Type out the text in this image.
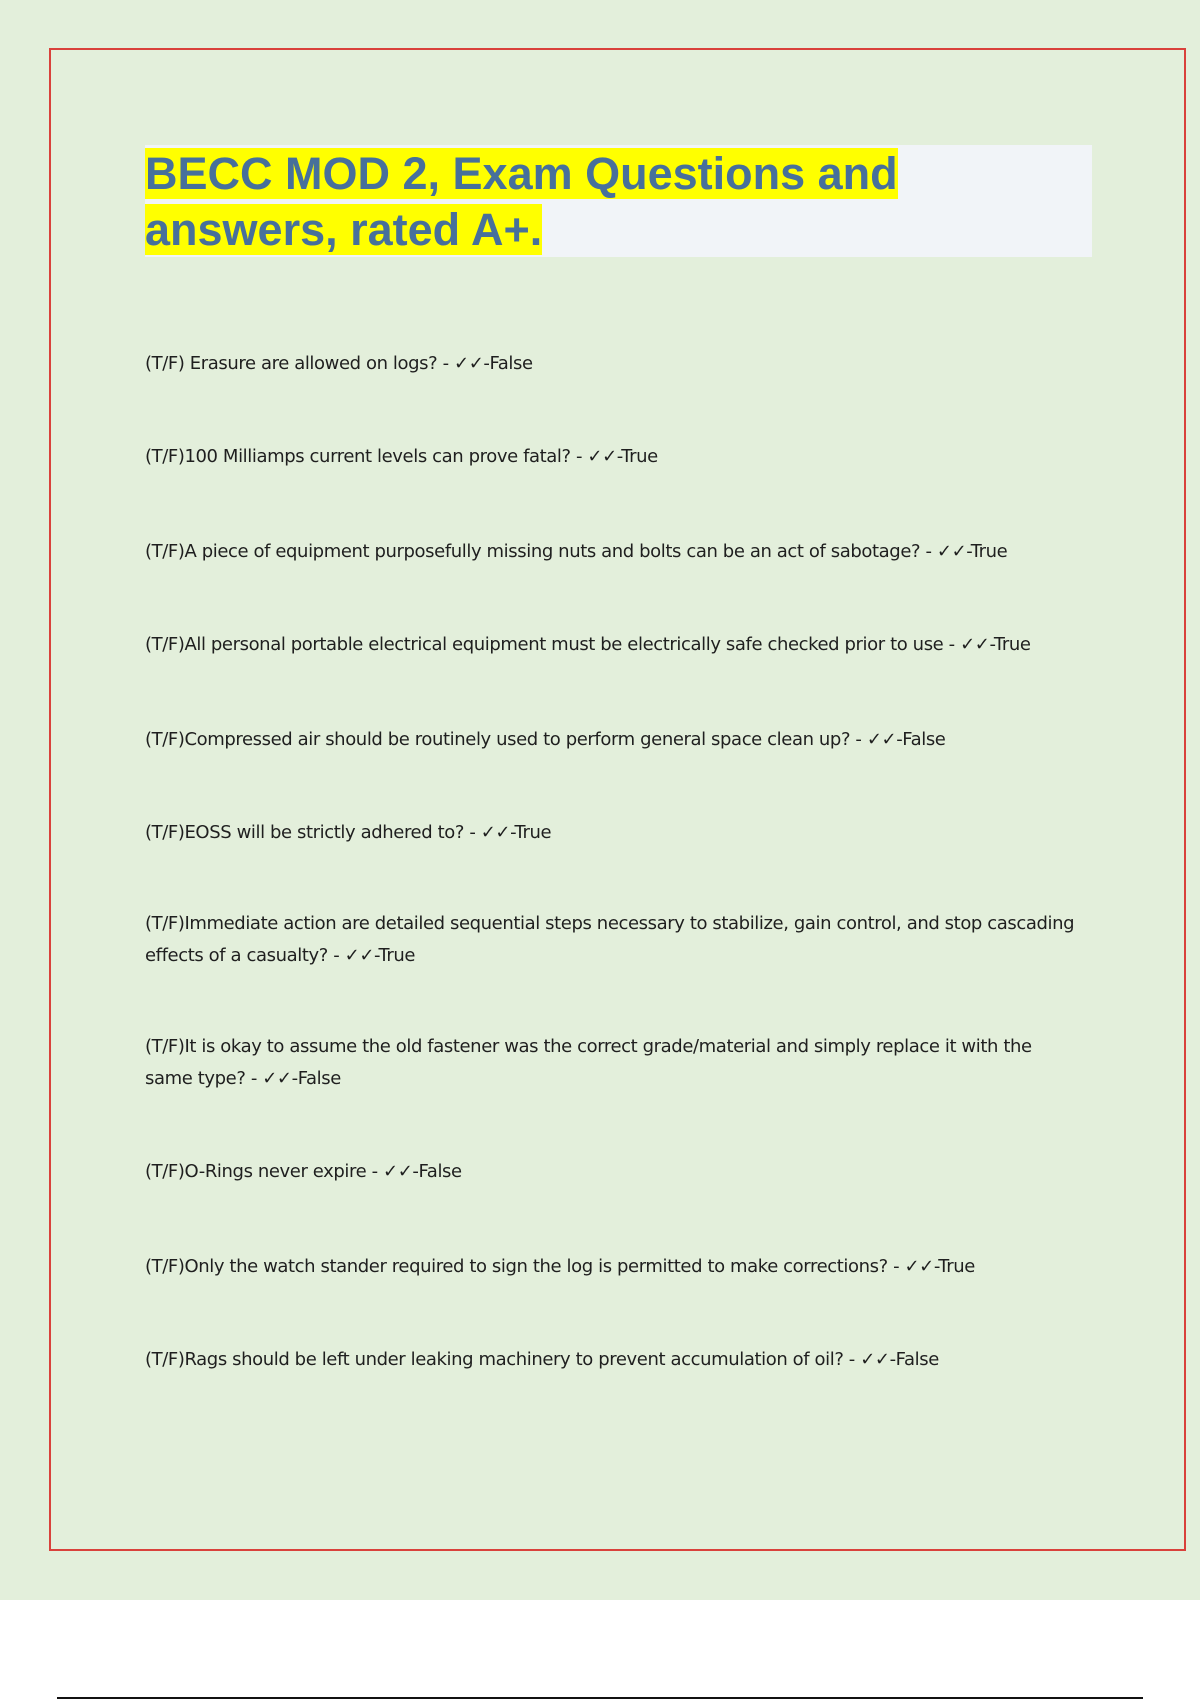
BECC MOD 2, Exam Questions and
answers, rated A+.

(T/F) Erasure are allowed on logs? - ✓✓-False

(T/F)100 Milliamps current levels can prove fatal? - ✓✓-True

(T/F)A piece of equipment purposefully missing nuts and bolts can be an act of sabotage? - ✓✓-True

(T/F)All personal portable electrical equipment must be electrically safe checked prior to use - ✓✓-True

(T/F)Compressed air should be routinely used to perform general space clean up? - ✓✓-False

(T/F)EOSS will be strictly adhered to? - ✓✓-True

(T/F)Immediate action are detailed sequential steps necessary to stabilize, gain control, and stop cascading effects of a casualty? - ✓✓-True

(T/F)It is okay to assume the old fastener was the correct grade/material and simply replace it with the same type? - ✓✓-False

(T/F)O-Rings never expire - ✓✓-False

(T/F)Only the watch stander required to sign the log is permitted to make corrections? - ✓✓-True

(T/F)Rags should be left under leaking machinery to prevent accumulation of oil? - ✓✓-False
